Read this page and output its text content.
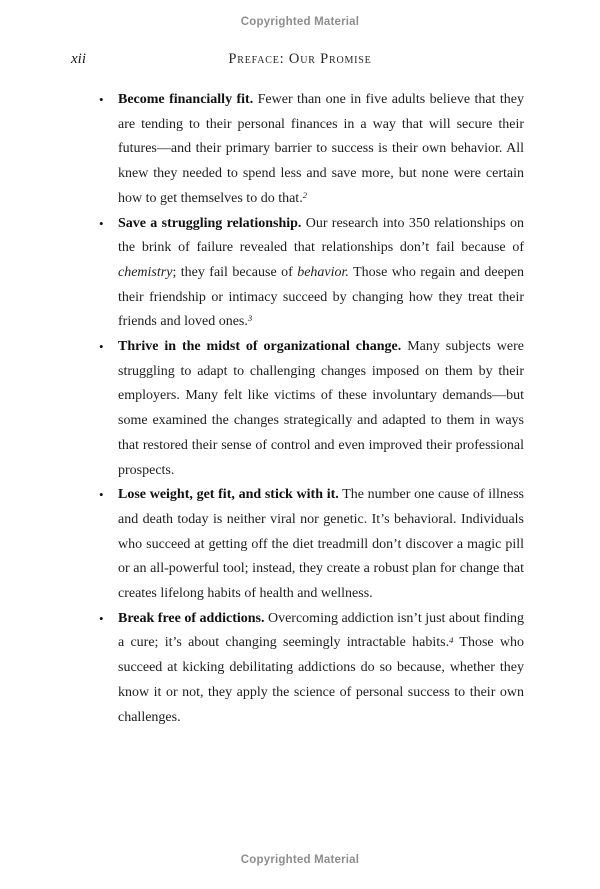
Copyrighted Material
xii	Preface: Our Promise
• Become financially fit. Fewer than one in five adults believe that they are tending to their personal finances in a way that will secure their futures—and their primary barrier to success is their own behavior. All knew they needed to spend less and save more, but none were certain how to get themselves to do that.$^2$
• Save a struggling relationship. Our research into 350 relationships on the brink of failure revealed that relationships don’t fail because of chemistry; they fail because of behavior. Those who regain and deepen their friendship or intimacy succeed by changing how they treat their friends and loved ones.$^3$
• Thrive in the midst of organizational change. Many subjects were struggling to adapt to challenging changes imposed on them by their employers. Many felt like victims of these involuntary demands—but some examined the changes strategically and adapted to them in ways that restored their sense of control and even improved their professional prospects.
• Lose weight, get fit, and stick with it. The number one cause of illness and death today is neither viral nor genetic. It’s behavioral. Individuals who succeed at getting off the diet treadmill don’t discover a magic pill or an all-powerful tool; instead, they create a robust plan for change that creates lifelong habits of health and wellness.
• Break free of addictions. Overcoming addiction isn’t just about finding a cure; it’s about changing seemingly intractable habits.$^4$ Those who succeed at kicking debilitating addictions do so because, whether they know it or not, they apply the science of personal success to their own challenges.
Copyrighted Material
